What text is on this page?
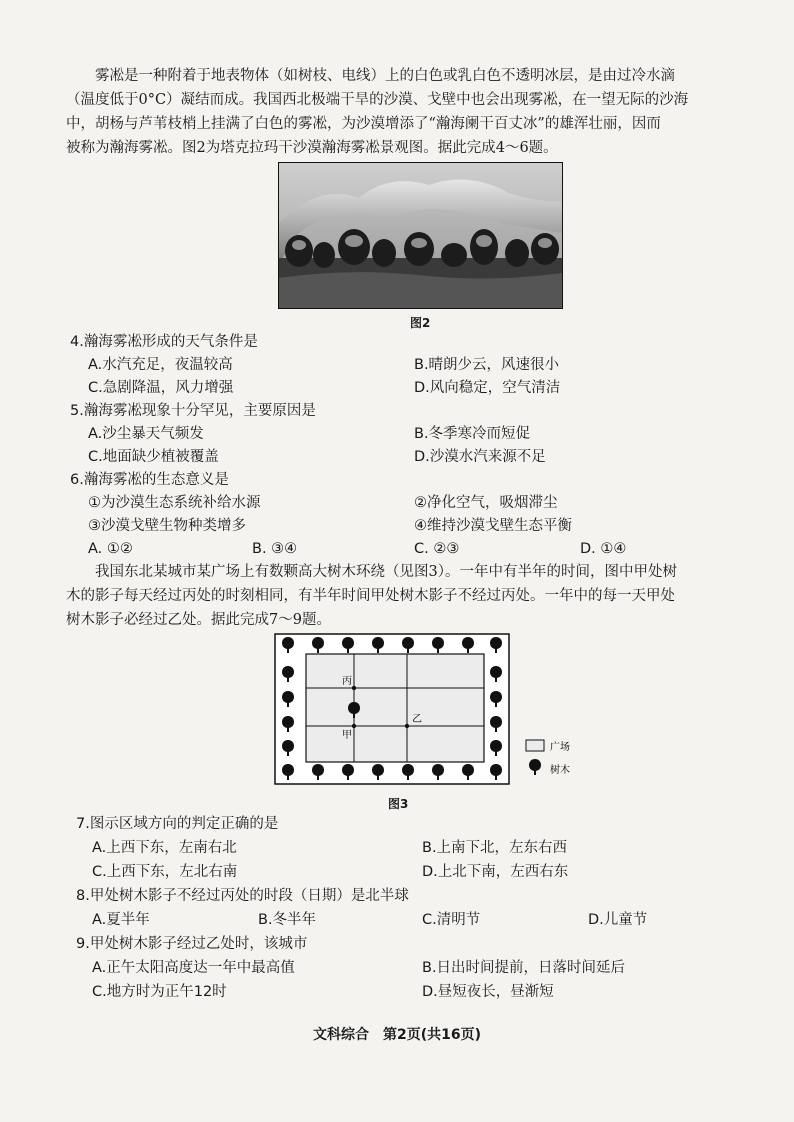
雾凇是一种附着于地表物体（如树枝、电线）上的白色或乳白色不透明冰层，是由过冷水滴
（温度低于0°C）凝结而成。我国西北极端干旱的沙漠、戈壁中也会出现雾凇，在一望无际的沙海
中，胡杨与芦苇枝梢上挂满了白色的雾凇，为沙漠增添了“瀚海阑干百丈冰”的雄浑壮丽，因而
被称为瀚海雾凇。图2为塔克拉玛干沙漠瀚海雾凇景观图。据此完成4～6题。
图2
4.瀚海雾凇形成的天气条件是
A.水汽充足，夜温较高	B.晴朗少云，风速很小
C.急剧降温，风力增强	D.风向稳定，空气清洁
5.瀚海雾凇现象十分罕见，主要原因是
A.沙尘暴天气频发	B.冬季寒冷而短促
C.地面缺少植被覆盖	D.沙漠水汽来源不足
6.瀚海雾凇的生态意义是
①为沙漠生态系统补给水源	②净化空气，吸烟滞尘
③沙漠戈壁生物种类增多	④维持沙漠戈壁生态平衡
A. ①②	B. ③④	C. ②③	D. ①④
我国东北某城市某广场上有数颗高大树木环绕（见图3）。一年中有半年的时间，图中甲处树
木的影子每天经过丙处的时刻相同，有半年时间甲处树木影子不经过丙处。一年中的每一天甲处
树木影子必经过乙处。据此完成7～9题。
丙
甲
乙
广场
树木
图3
7.图示区域方向的判定正确的是
A.上西下东，左南右北	B.上南下北，左东右西
C.上西下东，左北右南	D.上北下南，左西右东
8.甲处树木影子不经过丙处的时段（日期）是北半球
A.夏半年	B.冬半年	C.清明节	D.儿童节
9.甲处树木影子经过乙处时，该城市
A.正午太阳高度达一年中最高值	B.日出时间提前，日落时间延后
C.地方时为正午12时	D.昼短夜长，昼渐短
文科综合　第2页(共16页)
